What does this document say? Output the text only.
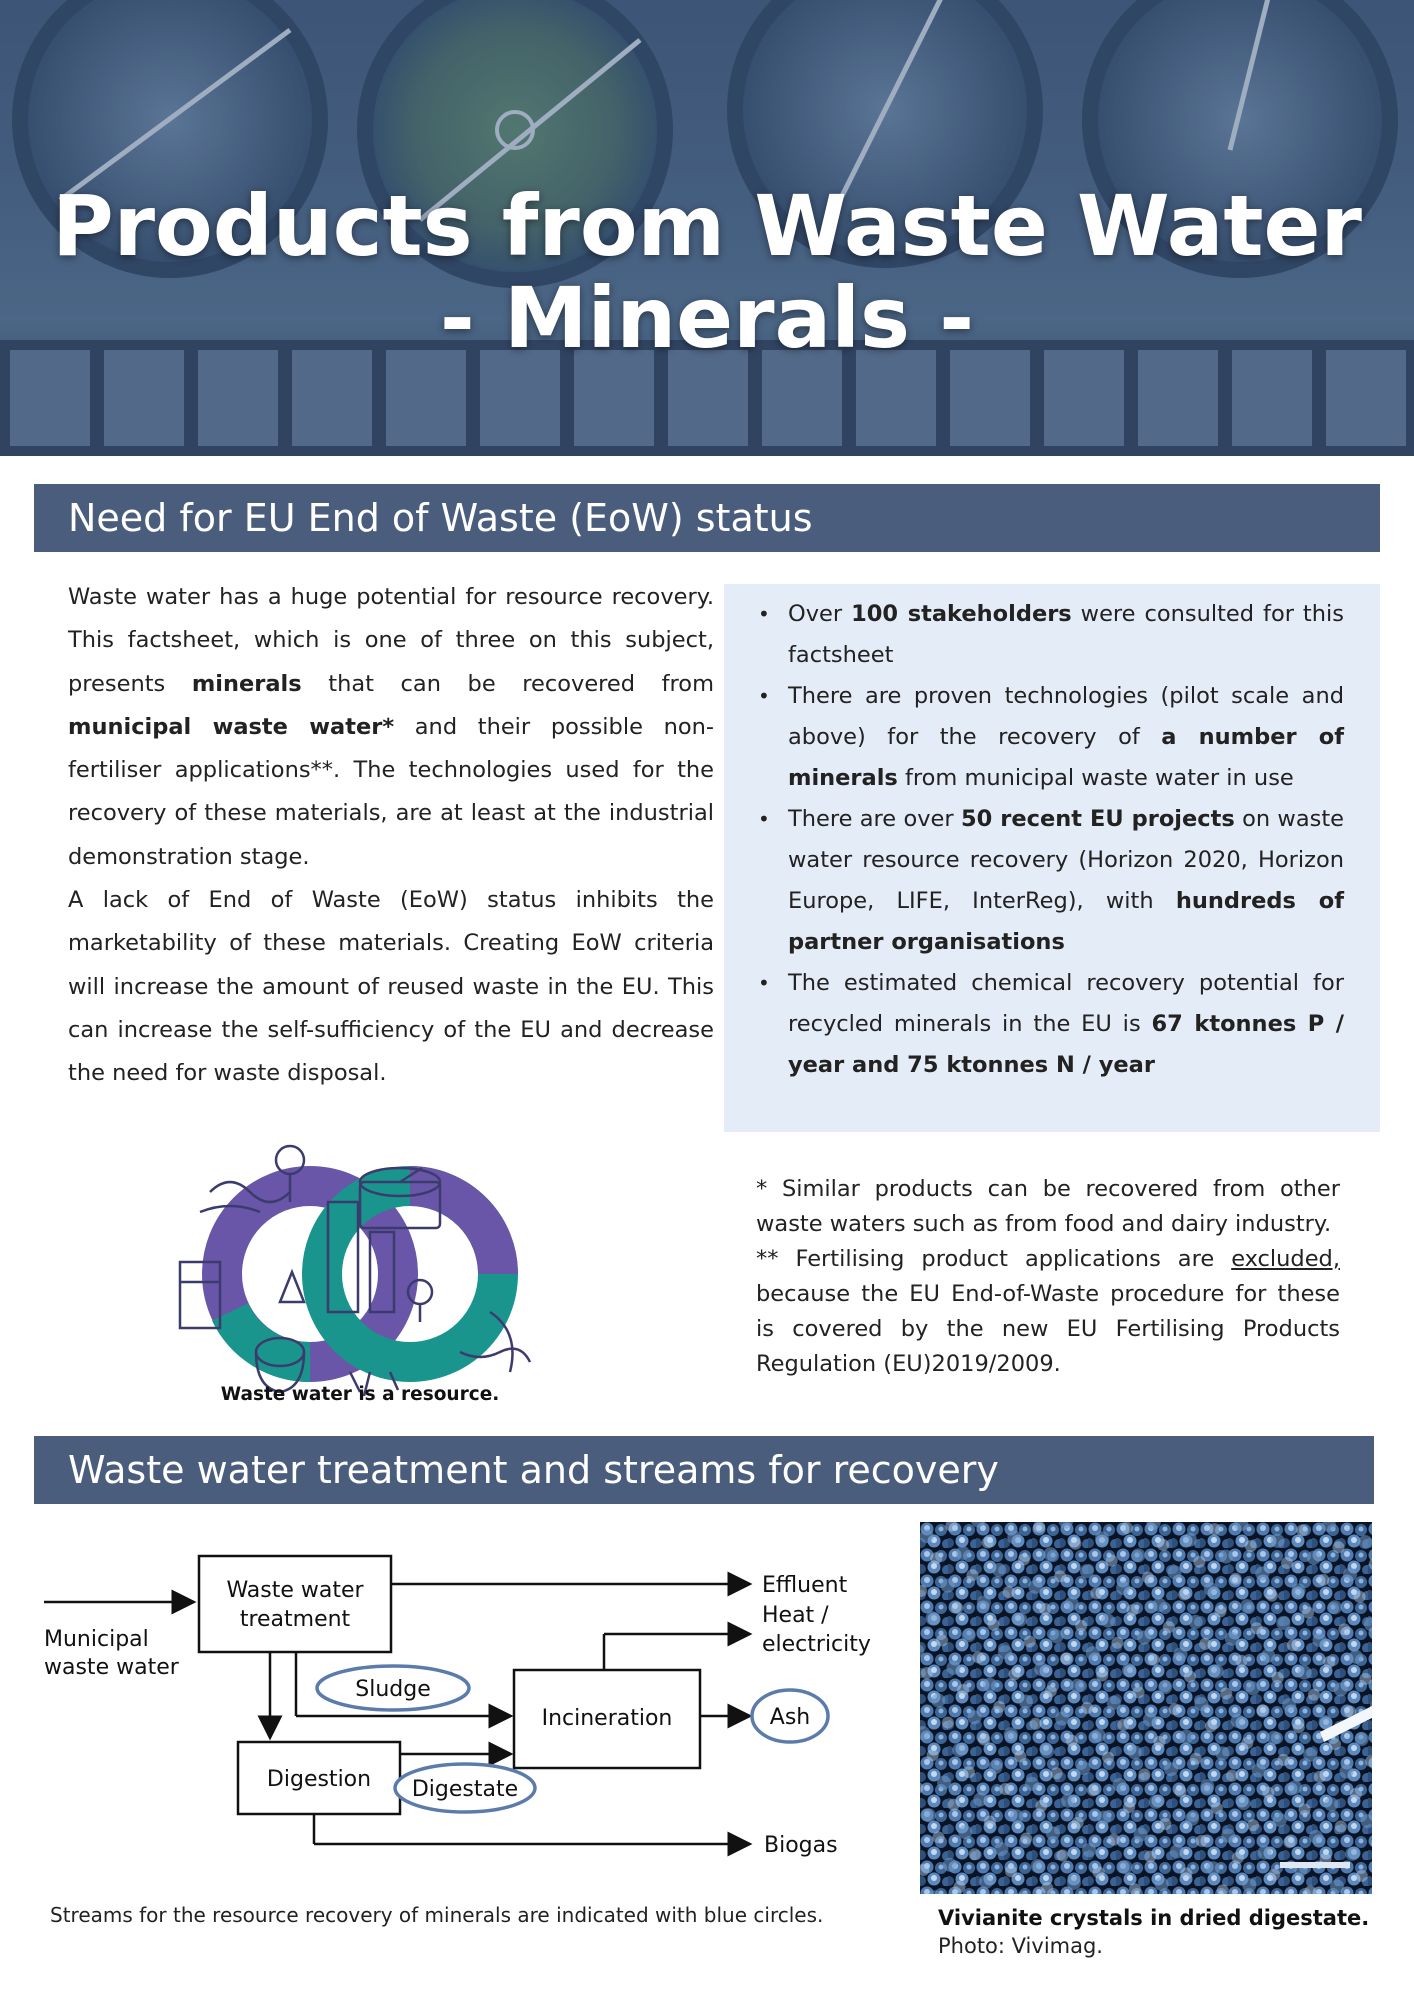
Products from Waste Water
- Minerals -
Need for EU End of Waste (EoW) status

Waste water has a huge potential for resource recovery. This factsheet, which is one of three on this subject, presents minerals that can be recovered from municipal waste water* and their possible non-fertiliser applications**. The technologies used for the recovery of these materials, are at least at the industrial demonstration stage.

A lack of End of Waste (EoW) status inhibits the marketability of these materials. Creating EoW criteria will increase the amount of reused waste in the EU. This can increase the self-sufficiency of the EU and decrease the need for waste disposal.

• Over 100 stakeholders were consulted for this factsheet
• There are proven technologies (pilot scale and above) for the recovery of a number of minerals from municipal waste water in use
• There are over 50 recent EU projects on waste water resource recovery (Horizon 2020, Horizon Europe, LIFE, InterReg), with hundreds of partner organisations
• The estimated chemical recovery potential for recycled minerals in the EU is 67 ktonnes P / year and 75 ktonnes N / year
Waste water is a resource.

* Similar products can be recovered from other waste waters such as from food and dairy industry.

** Fertilising product applications are excluded, because the EU End-of-Waste procedure for these is covered by the new EU Fertilising Products Regulation (EU)2019/2009.

Waste water treatment and streams for recovery
Municipal
waste water
Waste water
treatment
Incineration
Digestion
Sludge
Digestate
Ash
Effluent
Heat /
electricity
Biogas
Streams for the resource recovery of minerals are indicated with blue circles.	Vivianite crystals in dried digestate.
Photo: Vivimag.
